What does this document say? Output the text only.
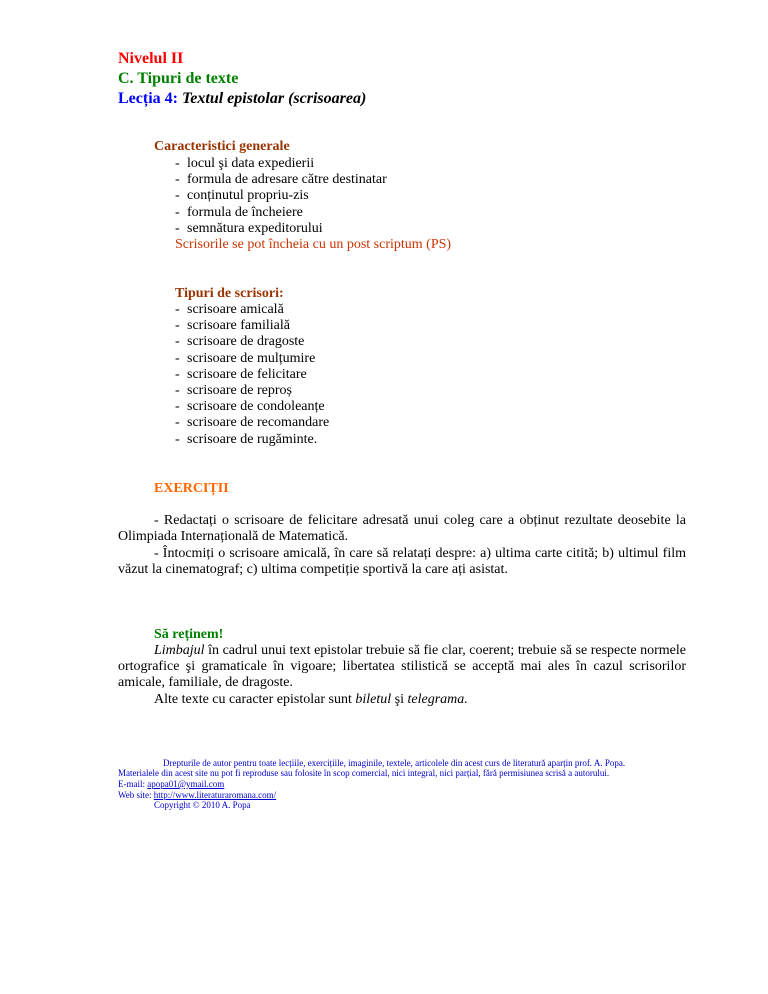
Nivelul II
C. Tipuri de texte
Lecția 4: Textul epistolar (scrisoarea)
Caracteristici generale
- locul şi data expedierii
- formula de adresare către destinatar
- conținutul propriu-zis
- formula de încheiere
- semnătura expeditorului
Scrisorile se pot încheia cu un post scriptum (PS)
Tipuri de scrisori:
- scrisoare amicală
- scrisoare familială
- scrisoare de dragoste
- scrisoare de mulțumire
- scrisoare de felicitare
- scrisoare de reproș
- scrisoare de condoleanțe
- scrisoare de recomandare
- scrisoare de rugăminte.
EXERCIȚII
- Redactați o scrisoare de felicitare adresată unui coleg care a obținut rezultate deosebite la Olimpiada Internațională de Matematică.
- Întocmiți o scrisoare amicală, în care să relatați despre: a) ultima carte citită; b) ultimul film văzut la cinematograf; c) ultima competiție sportivă la care ați asistat.
Să reținem!
Limbajul în cadrul unui text epistolar trebuie să fie clar, coerent; trebuie să se respecte normele ortografice şi gramaticale în vigoare; libertatea stilistică se acceptă mai ales în cazul scrisorilor amicale, familiale, de dragoste.
Alte texte cu caracter epistolar sunt biletul şi telegrama.
Drepturile de autor pentru toate lecțiile, exercițiile, imaginile, textele, articolele din acest curs de literatură aparțin prof. A. Popa.
Materialele din acest site nu pot fi reproduse sau folosite în scop comercial, nici integral, nici parțial, fără permisiunea scrisă a autorului.
E-mail: apopa01@ymail.com
Web site: http://www.literaturaromana.com/
Copyright © 2010 A. Popa
